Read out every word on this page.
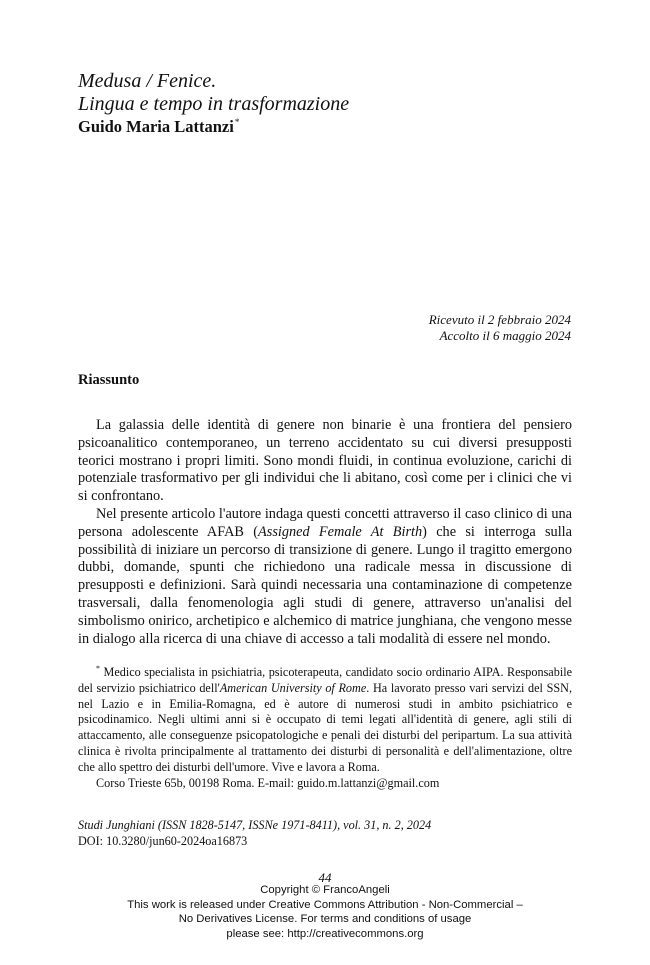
Medusa / Fenice.
Lingua e tempo in trasformazione
Guido Maria Lattanzi*
Ricevuto il 2 febbraio 2024
Accolto il 6 maggio 2024
Riassunto

La galassia delle identità di genere non binarie è una frontiera del pensiero psicoanalitico contemporaneo, un terreno accidentato su cui diversi presupposti teorici mostrano i propri limiti. Sono mondi fluidi, in continua evoluzione, carichi di potenziale trasformativo per gli individui che li abitano, così come per i clinici che vi si confrontano.

Nel presente articolo l'autore indaga questi concetti attraverso il caso clinico di una persona adolescente AFAB (Assigned Female At Birth) che si interroga sulla possibilità di iniziare un percorso di transizione di genere. Lungo il tragitto emergono dubbi, domande, spunti che richiedono una radicale messa in discussione di presupposti e definizioni. Sarà quindi necessaria una contaminazione di competenze trasversali, dalla fenomenologia agli studi di genere, attraverso un'analisi del simbolismo onirico, archetipico e alchemico di matrice junghiana, che vengono messe in dialogo alla ricerca di una chiave di accesso a tali modalità di essere nel mondo.

* Medico specialista in psichiatria, psicoterapeuta, candidato socio ordinario AIPA. Responsabile del servizio psichiatrico dell'American University of Rome. Ha lavorato presso vari servizi del SSN, nel Lazio e in Emilia-Romagna, ed è autore di numerosi studi in ambito psichiatrico e psicodinamico. Negli ultimi anni si è occupato di temi legati all'identità di genere, agli stili di attaccamento, alle conseguenze psicopatologiche e penali dei disturbi del peripartum. La sua attività clinica è rivolta principalmente al trattamento dei disturbi di personalità e dell'alimentazione, oltre che allo spettro dei disturbi dell'umore. Vive e lavora a Roma.

Corso Trieste 65b, 00198 Roma. E-mail: guido.m.lattanzi@gmail.com

Studi Junghiani (ISSN 1828-5147, ISSNe 1971-8411), vol. 31, n. 2, 2024
DOI: 10.3280/jun60-2024oa16873
44
Copyright © FrancoAngeli
This work is released under Creative Commons Attribution - Non-Commercial –
No Derivatives License. For terms and conditions of usage
please see: http://creativecommons.org
